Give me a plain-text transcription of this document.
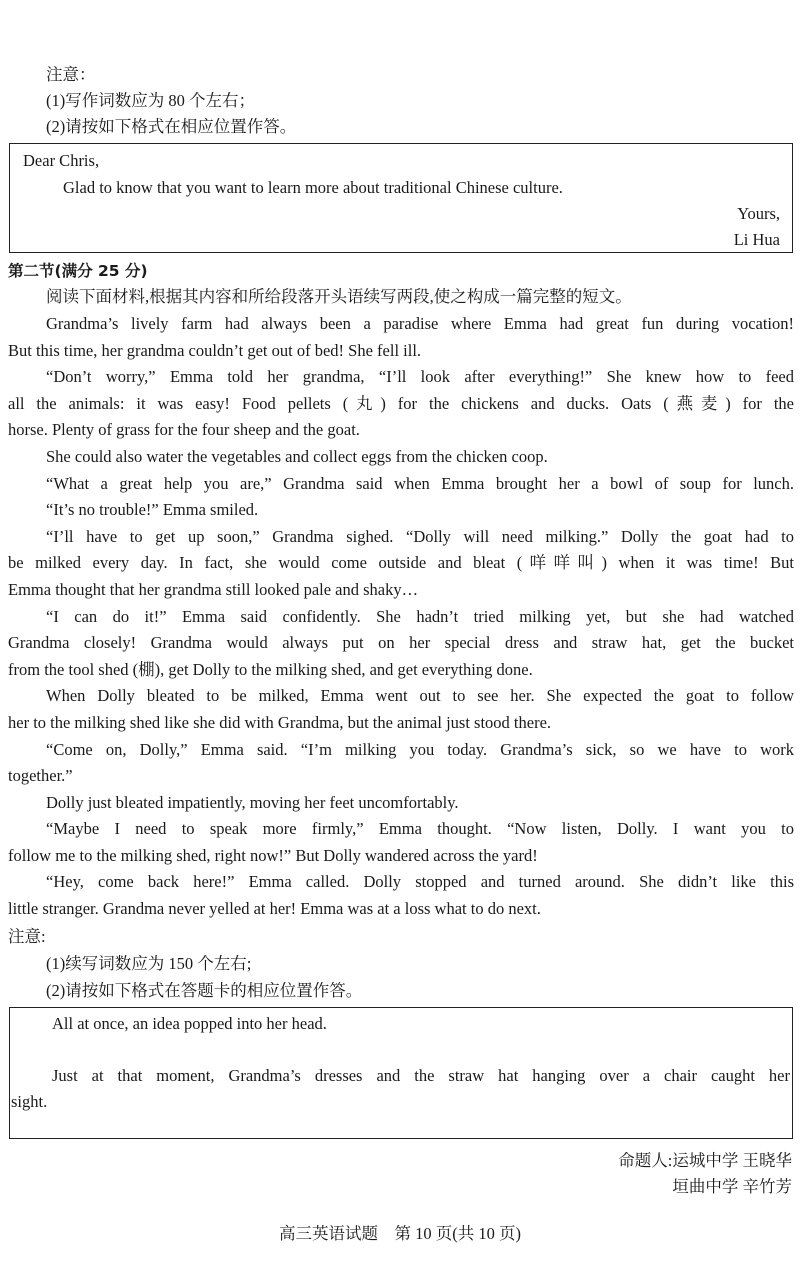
注意：
(1)写作词数应为 80 个左右；
(2)请按如下格式在相应位置作答。
Dear Chris,
Glad to know that you want to learn more about traditional Chinese culture.
Yours,
Li Hua
第二节(满分 25 分)
阅读下面材料,根据其内容和所给段落开头语续写两段,使之构成一篇完整的短文。
Grandma’s lively farm had always been a paradise where Emma had great fun during vocation!
But this time, her grandma couldn’t get out of bed! She fell ill.
“Don’t worry,” Emma told her grandma, “I’ll look after everything!” She knew how to feed
all the animals: it was easy! Food pellets (丸) for the chickens and ducks. Oats (燕麦) for the
horse. Plenty of grass for the four sheep and the goat.
She could also water the vegetables and collect eggs from the chicken coop.
“What a great help you are,” Grandma said when Emma brought her a bowl of soup for lunch.
“It’s no trouble!” Emma smiled.
“I’ll have to get up soon,” Grandma sighed. “Dolly will need milking.” Dolly the goat had to
be milked every day. In fact, she would come outside and bleat (咩咩叫) when it was time! But
Emma thought that her grandma still looked pale and shaky…
“I can do it!” Emma said confidently. She hadn’t tried milking yet, but she had watched
Grandma closely! Grandma would always put on her special dress and straw hat, get the bucket
from the tool shed (棚), get Dolly to the milking shed, and get everything done.
When Dolly bleated to be milked, Emma went out to see her. She expected the goat to follow
her to the milking shed like she did with Grandma, but the animal just stood there.
“Come on, Dolly,” Emma said. “I’m milking you today. Grandma’s sick, so we have to work
together.”
Dolly just bleated impatiently, moving her feet uncomfortably.
“Maybe I need to speak more firmly,” Emma thought. “Now listen, Dolly. I want you to
follow me to the milking shed, right now!” But Dolly wandered across the yard!
“Hey, come back here!” Emma called. Dolly stopped and turned around. She didn’t like this
little stranger. Grandma never yelled at her! Emma was at a loss what to do next.
注意:
(1)续写词数应为 150 个左右;
(2)请按如下格式在答题卡的相应位置作答。
All at once, an idea popped into her head.
Just at that moment, Grandma’s dresses and the straw hat hanging over a chair caught her
sight.
命题人:运城中学 王晓华
垣曲中学 辛竹芳
高三英语试题　第 10 页(共 10 页)
